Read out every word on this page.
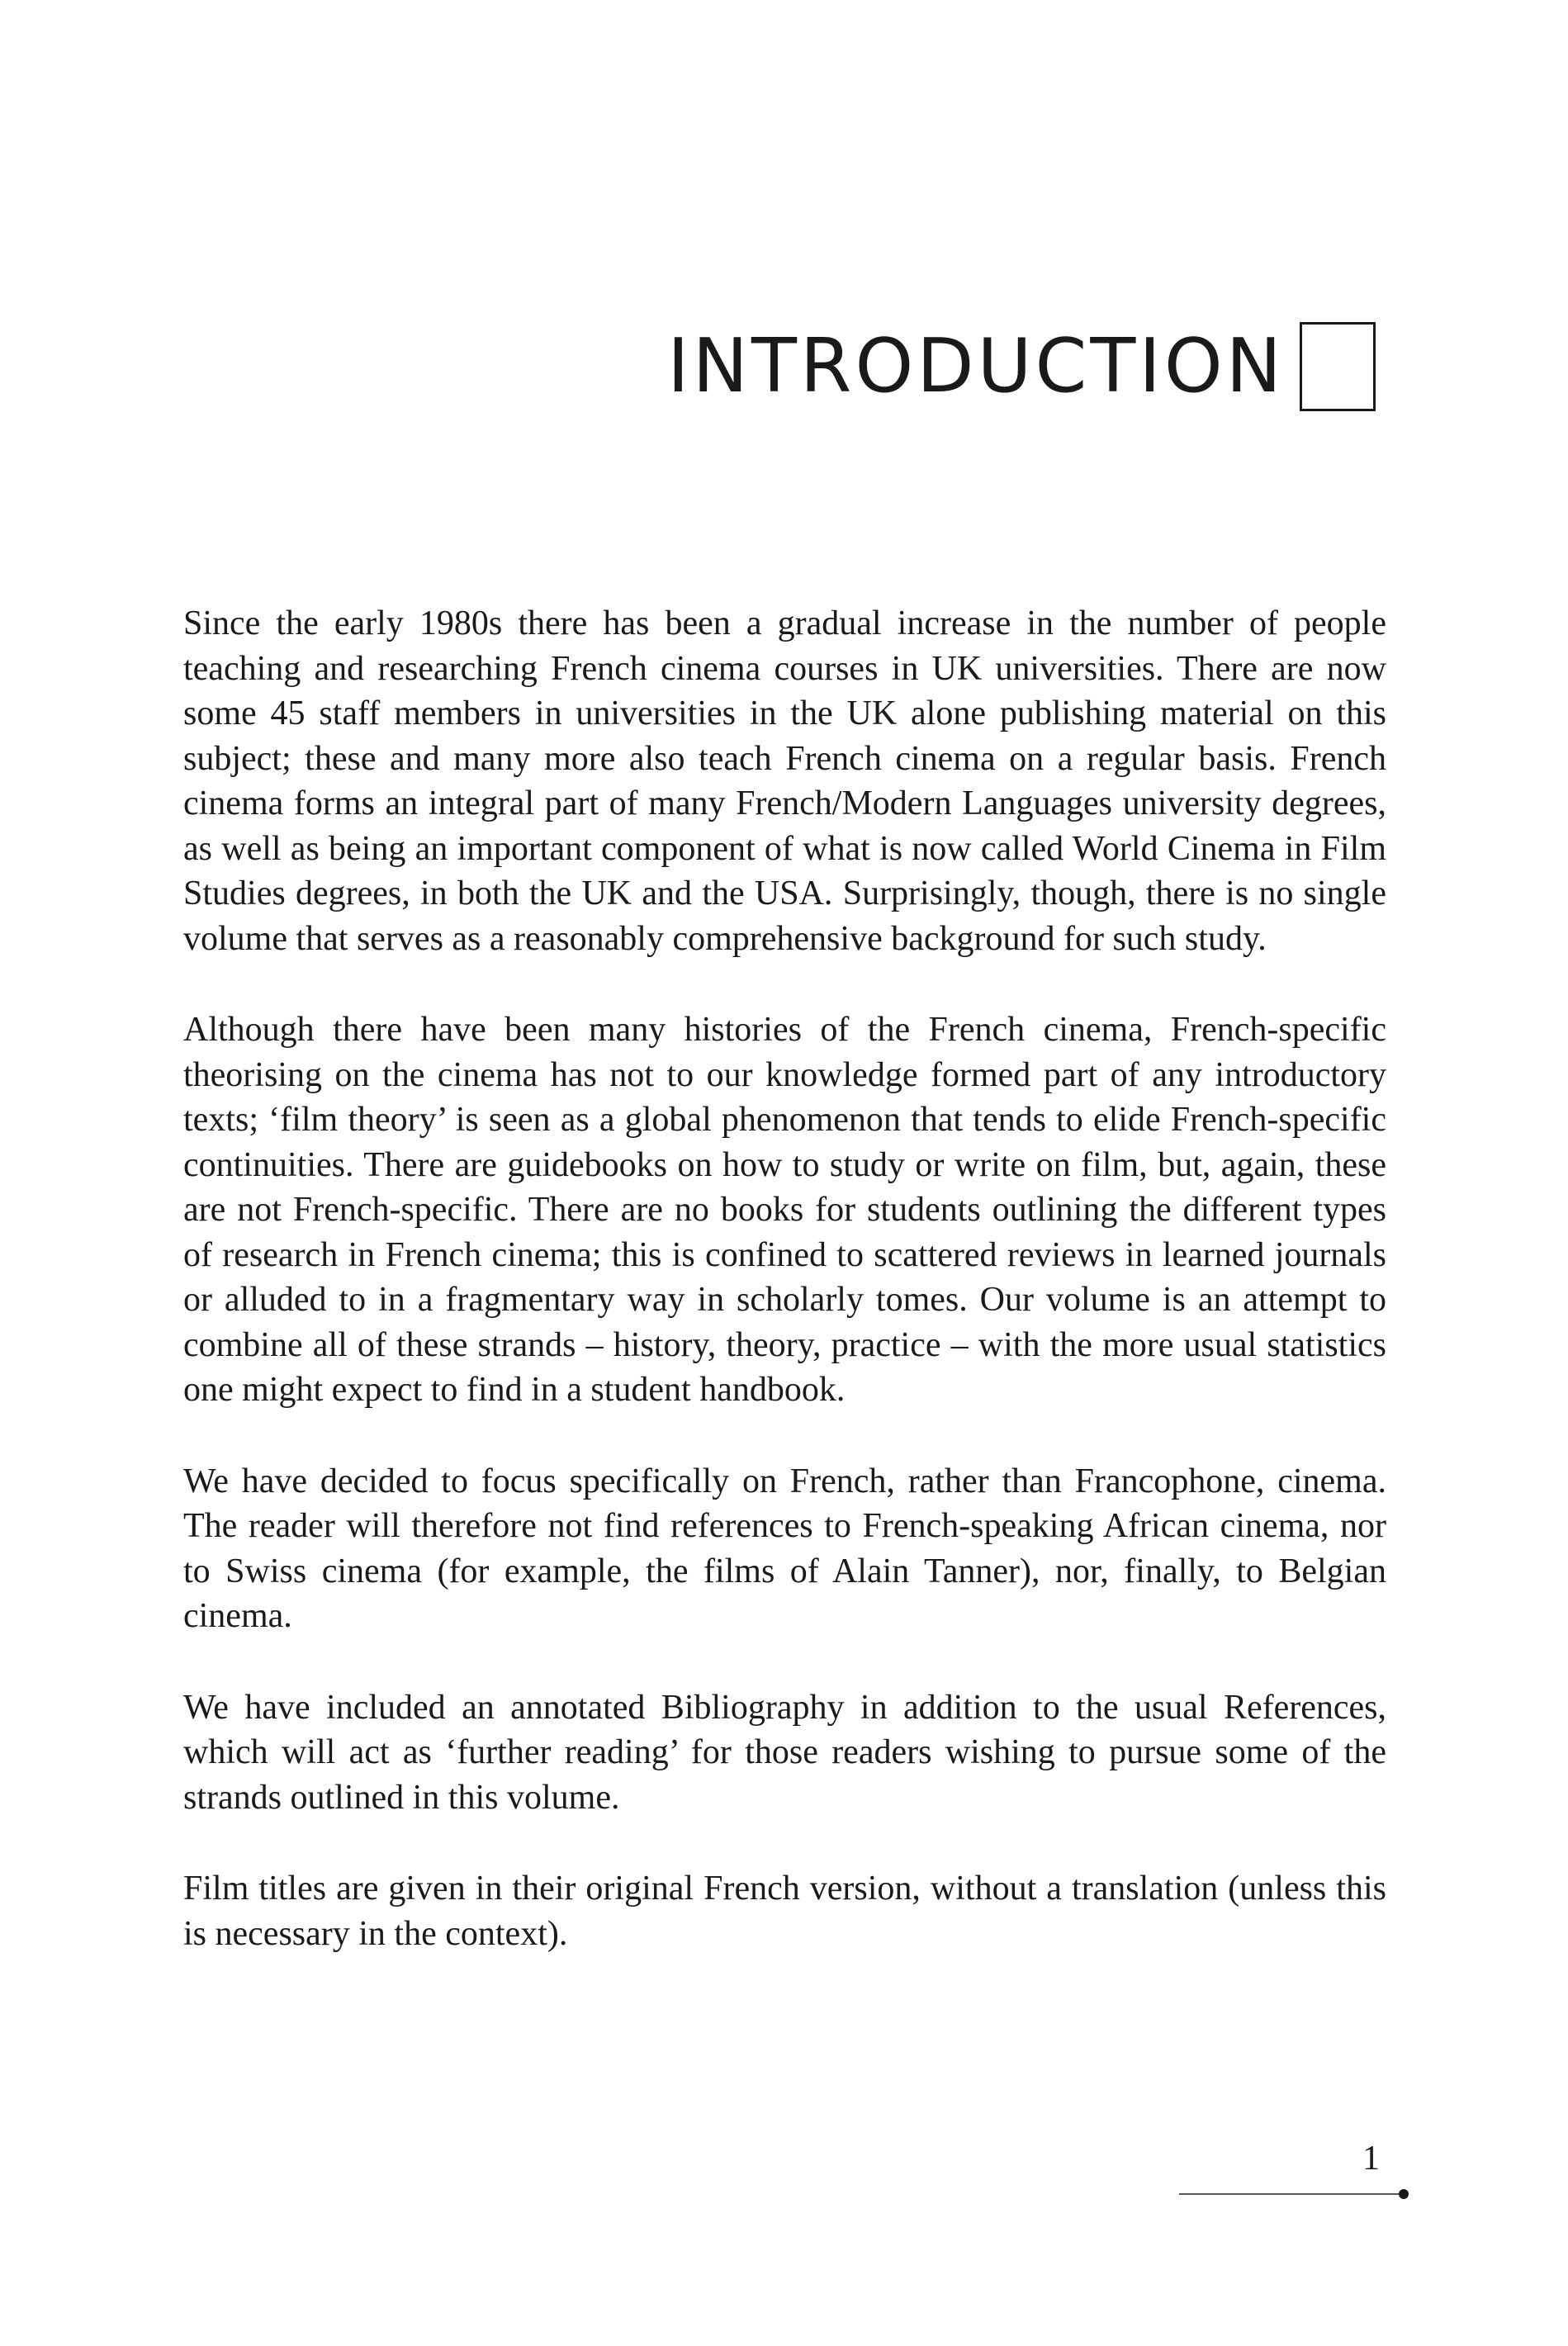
INTRODUCTION

Since the early 1980s there has been a gradual increase in the number of people teaching and researching French cinema courses in UK universities. There are now some 45 staff members in universities in the UK alone publishing material on this subject; these and many more also teach French cinema on a regular basis. French cinema forms an integral part of many French/Modern Languages university degrees, as well as being an important component of what is now called World Cinema in Film Studies degrees, in both the UK and the USA. Surprisingly, though, there is no single volume that serves as a reasonably comprehensive background for such study.

Although there have been many histories of the French cinema, French-specific theorising on the cinema has not to our knowledge formed part of any introductory texts; ‘film theory’ is seen as a global phenomenon that tends to elide French-specific continuities. There are guidebooks on how to study or write on film, but, again, these are not French-specific. There are no books for students outlining the different types of research in French cinema; this is confined to scattered reviews in learned journals or alluded to in a fragmentary way in scholarly tomes. Our volume is an attempt to combine all of these strands – history, theory, practice – with the more usual statistics one might expect to find in a student handbook.

We have decided to focus specifically on French, rather than Francophone, cinema. The reader will therefore not find references to French-speaking African cinema, nor to Swiss cinema (for example, the films of Alain Tanner), nor, finally, to Belgian cinema.

We have included an annotated Bibliography in addition to the usual References, which will act as ‘further reading’ for those readers wishing to pursue some of the strands outlined in this volume.

Film titles are given in their original French version, without a translation (unless this is necessary in the context).

1
